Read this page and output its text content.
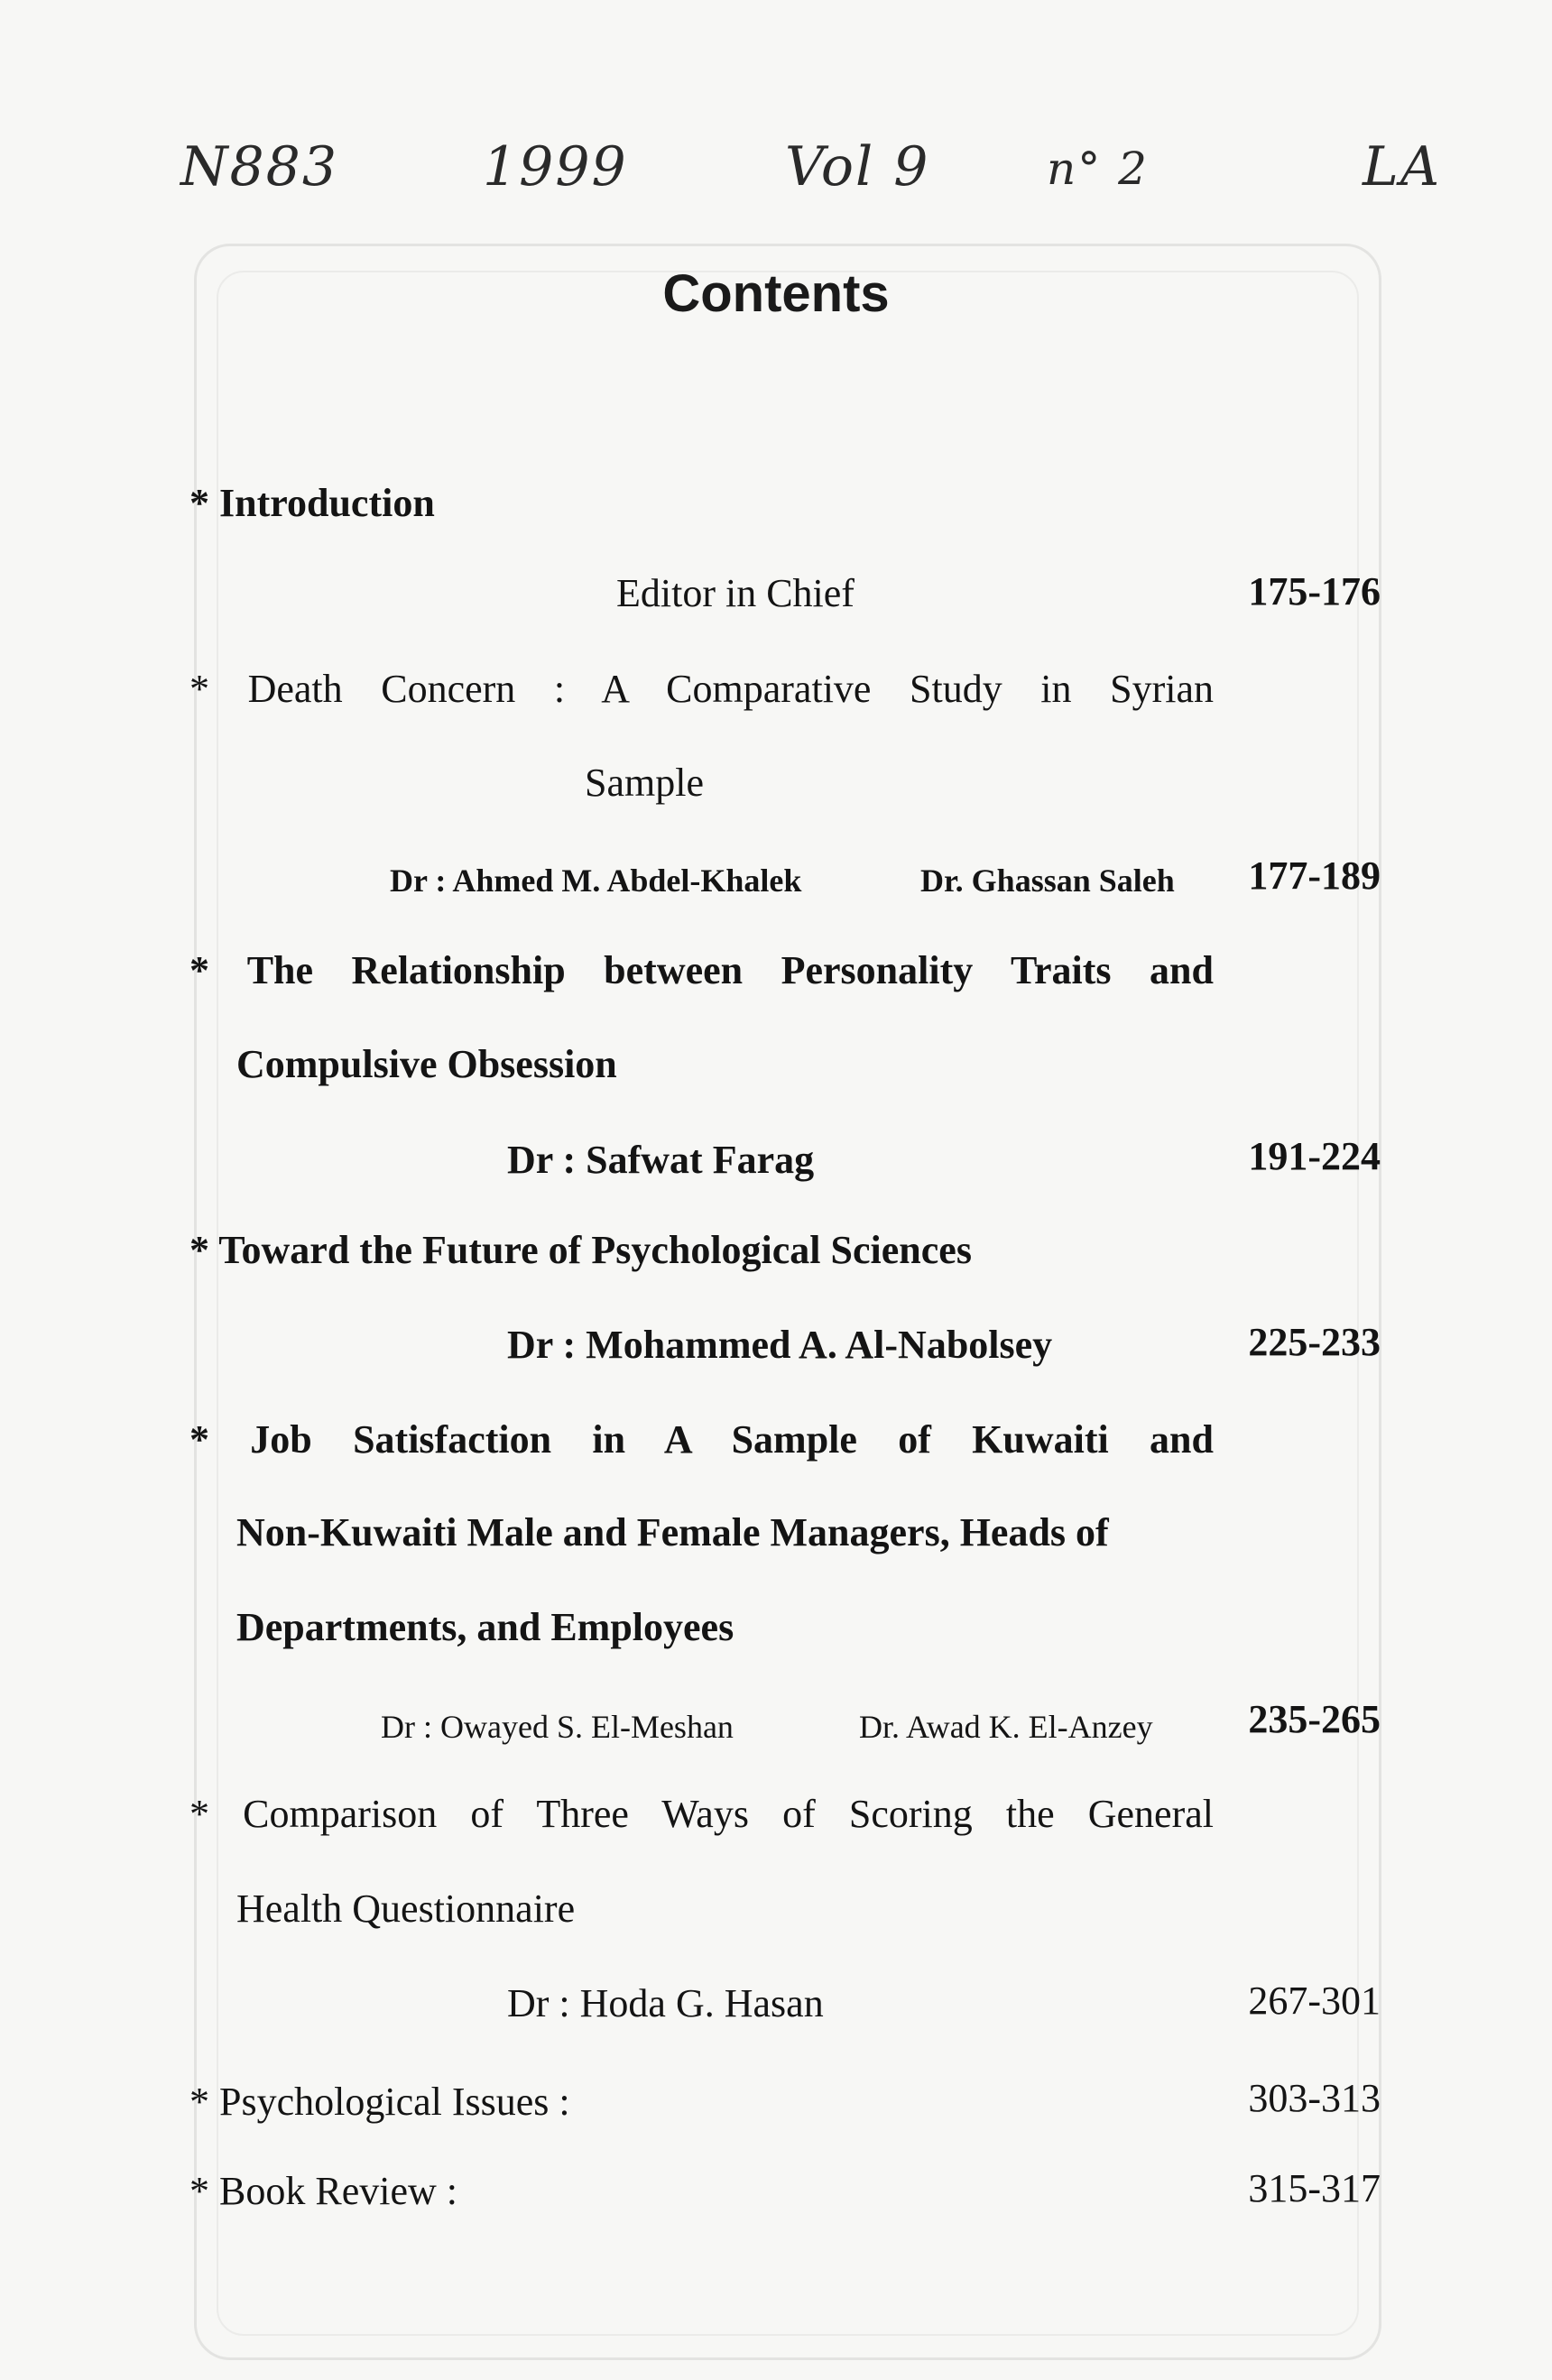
N883	1999	Vol 9	n° 2	LA
Contents
* Introduction
Editor in Chief	175-176
* Death Concern : A Comparative Study in Syrian
Sample
Dr : Ahmed M. Abdel-Khalek	Dr. Ghassan Saleh	177-189
* The Relationship between Personality Traits and
Compulsive Obsession
Dr : Safwat Farag	191-224
* Toward the Future of Psychological Sciences
Dr : Mohammed A. Al-Nabolsey	225-233
* Job Satisfaction in A Sample of Kuwaiti and
Non-Kuwaiti Male and Female Managers, Heads of
Departments, and Employees
Dr : Owayed S. El-Meshan	Dr. Awad K. El-Anzey	235-265
* Comparison of Three Ways of Scoring the General
Health Questionnaire
Dr : Hoda G. Hasan	267-301
* Psychological Issues :	303-313
* Book Review :	315-317
